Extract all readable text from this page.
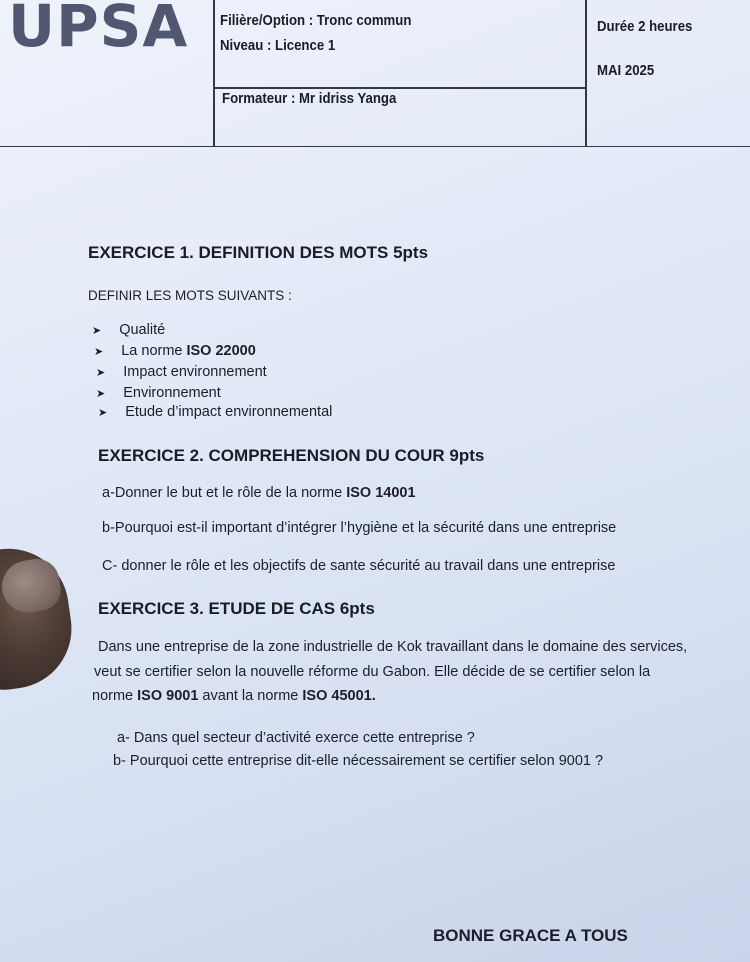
UPSA Filière/Option : Tronc commun
Niveau : Licence 1
Formateur : Mr idriss Yanga
Durée 2 heures
MAI 2025
EXERCICE 1. DEFINITION DES MOTS 5pts
DEFINIR LES MOTS SUIVANTS :
➤ Qualité
➤ La norme ISO 22000
➤ Impact environnement
➤ Environnement
➤ Etude d’impact environnemental
EXERCICE 2. COMPREHENSION DU COUR 9pts
a-Donner le but et le rôle de la norme ISO 14001
b-Pourquoi est-il important d’intégrer l’hygiène et la sécurité dans une entreprise
C- donner le rôle et les objectifs de sante sécurité au travail dans une entreprise
EXERCICE 3. ETUDE DE CAS 6pts
Dans une entreprise de la zone industrielle de Kok travaillant dans le domaine des services,
veut se certifier selon la nouvelle réforme du Gabon. Elle décide de se certifier selon la
norme ISO 9001 avant la norme ISO 45001.
a- Dans quel secteur d’activité exerce cette entreprise ?
b- Pourquoi cette entreprise dit-elle nécessairement se certifier selon 9001 ?
BONNE GRACE A TOUS
